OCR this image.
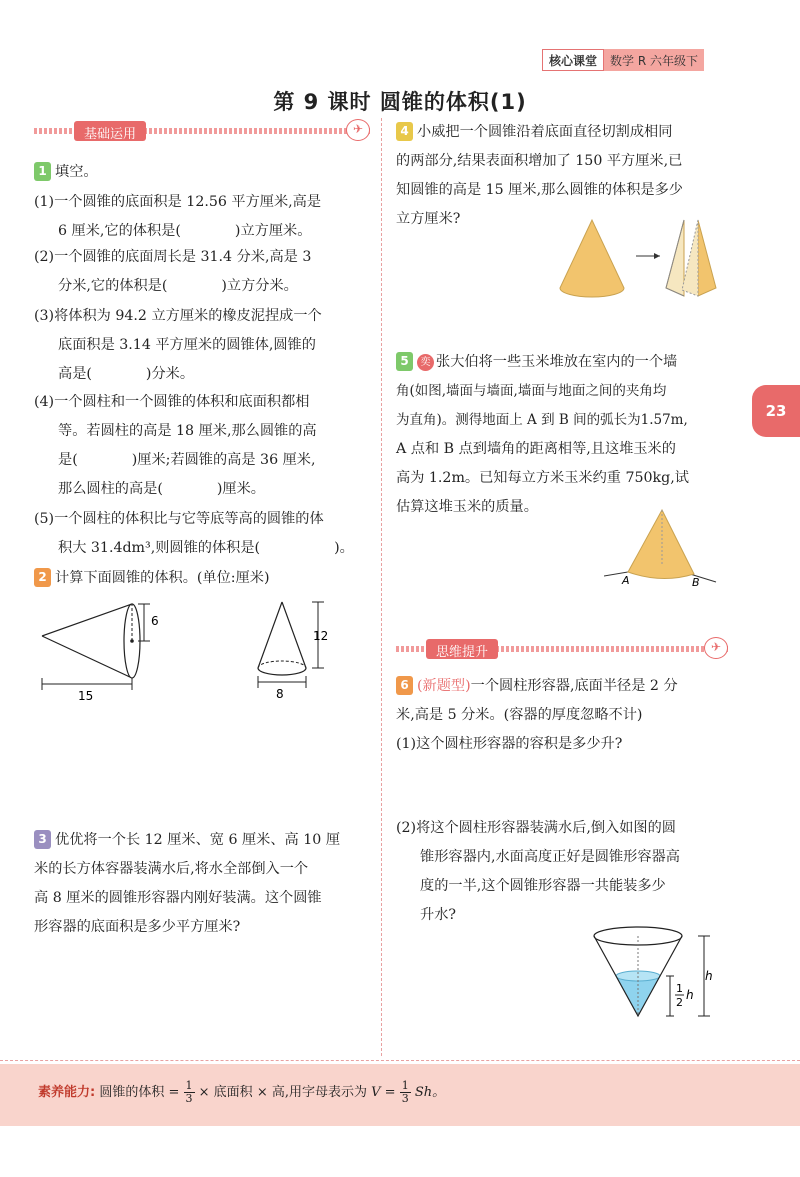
核心课堂	数学 R 六年级下
第 9 课时 圆锥的体积(1)
基础运用	✈
1 填空。
(1)一个圆锥的底面积是 12.56 平方厘米,高是
6 厘米,它的体积是(	)立方厘米。
(2)一个圆锥的底面周长是 31.4 分米,高是 3
分米,它的体积是(	)立方分米。
(3)将体积为 94.2 立方厘米的橡皮泥捏成一个
底面积是 3.14 平方厘米的圆锥体,圆锥的
高是(	)分米。
(4)一个圆柱和一个圆锥的体积和底面积都相
等。若圆柱的高是 18 厘米,那么圆锥的高
是(	)厘米;若圆锥的高是 36 厘米,
那么圆柱的高是(	)厘米。
(5)一个圆柱的体积比与它等底等高的圆锥的体
积大 31.4dm³,则圆锥的体积是(	)。
2 计算下面圆锥的体积。(单位:厘米)
6
15
12
8
3 优优将一个长 12 厘米、宽 6 厘米、高 10 厘
米的长方体容器装满水后,将水全部倒入一个
高 8 厘米的圆锥形容器内刚好装满。这个圆锥
形容器的底面积是多少平方厘米?
4 小威把一个圆锥沿着底面直径切割成相同
的两部分,结果表面积增加了 150 平方厘米,已
知圆锥的高是 15 厘米,那么圆锥的体积是多少
立方厘米?
23
5 奕 张大伯将一些玉米堆放在室内的一个墙
角(如图,墙面与墙面,墙面与地面之间的夹角均
为直角)。测得地面上 A 到 B 间的弧长为1.57m,
A 点和 B 点到墙角的距离相等,且这堆玉米的
高为 1.2m。已知每立方米玉米约重 750kg,试
估算这堆玉米的质量。
A	B
思维提升	✈
6 (新题型)一个圆柱形容器,底面半径是 2 分
米,高是 5 分米。(容器的厚度忽略不计)
(1)这个圆柱形容器的容积是多少升?
(2)将这个圆柱形容器装满水后,倒入如图的圆
锥形容器内,水面高度正好是圆锥形容器高
度的一半,这个圆锥形容器一共能装多少
升水?
h
1
2
h
素养能力: 圆锥的体积 = $\frac{1}{3}$ × 底面积 × 高,用字母表示为 $V = \frac{1}{3}$ Sh。
